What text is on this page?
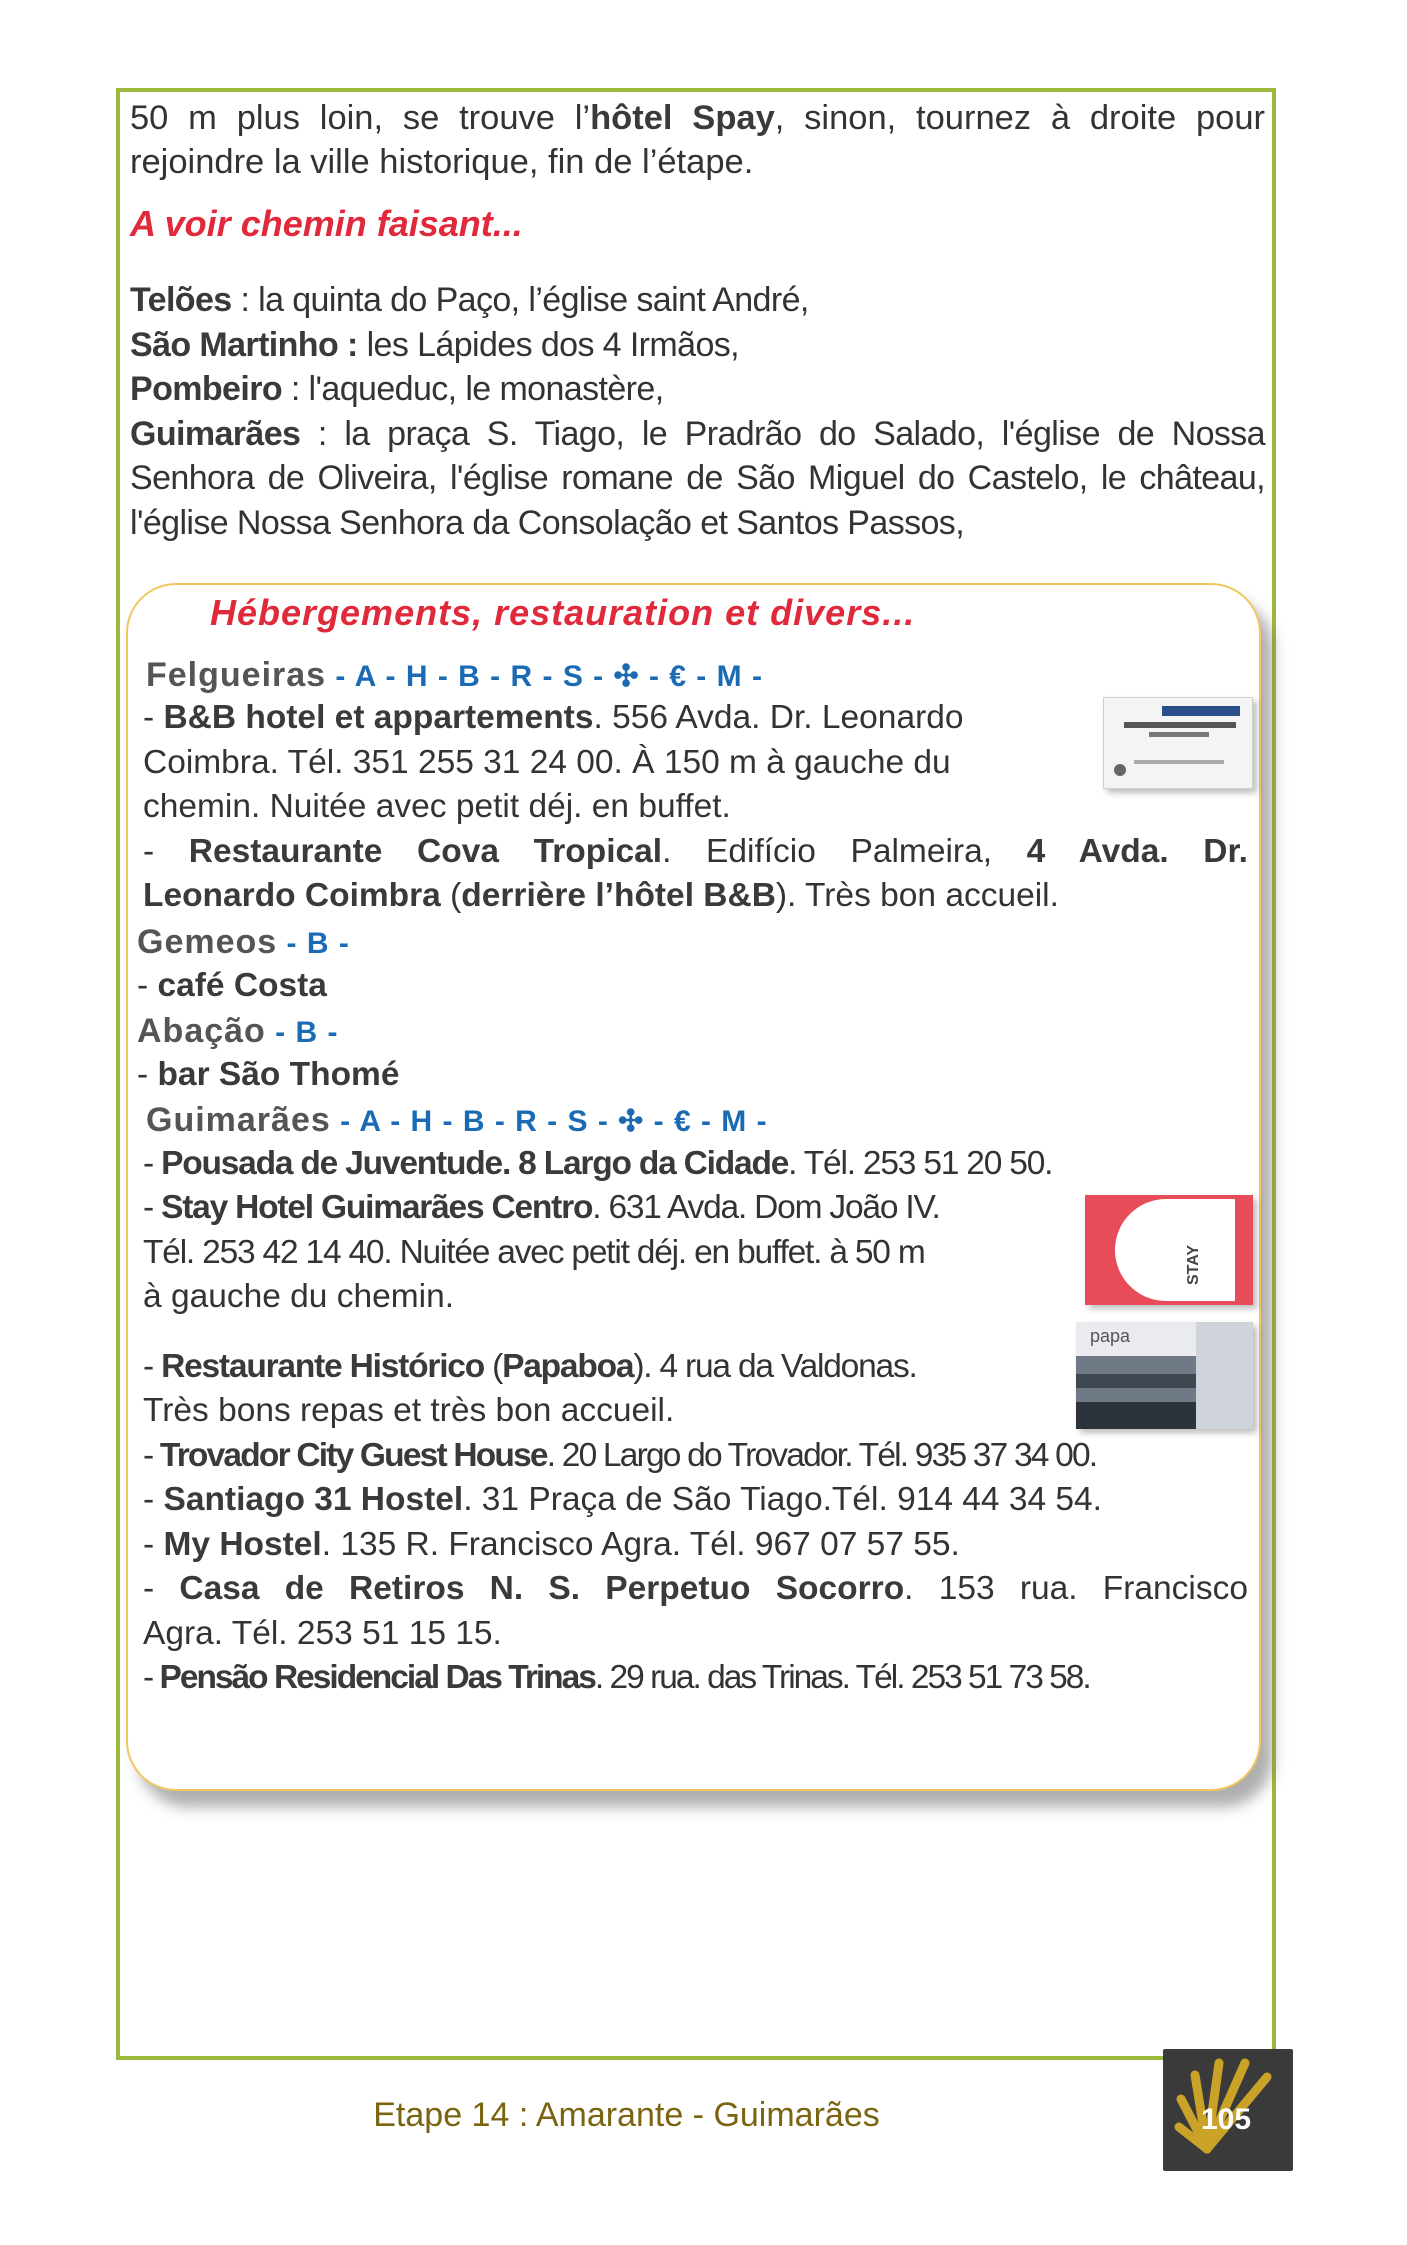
50 m plus loin, se trouve l’hôtel Spay, sinon, tournez à droite pour rejoindre la ville historique, fin de l’étape.

A voir chemin faisant...

Telões : la quinta do Paço, l’église saint André,

São Martinho : les Lápides dos 4 Irmãos,

Pombeiro : l'aqueduc, le monastère,

Guimarães : la praça S. Tiago, le Pradrão do Salado, l'église de Nossa Senhora de Oliveira, l'église romane de São Miguel do Castelo, le château, l'église Nossa Senhora da Consolação et Santos Passos,

Hébergements, restauration et divers...
Felgueiras - A - H - B - R - S - ✣ - € - M -
- B&B hotel et appartements. 556 Avda. Dr. Leonardo
Coimbra. Tél. 351 255 31 24 00. À 150 m à gauche du
chemin. Nuitée avec petit déj. en buffet.
- Restaurante Cova Tropical. Edifício Palmeira, 4 Avda. Dr.
Leonardo Coimbra (derrière l’hôtel B&B). Très bon accueil.
Gemeos - B -
- café Costa
Abação - B -
- bar São Thomé
Guimarães - A - H - B - R - S - ✣ - € - M -
- Pousada de Juventude. 8 Largo da Cidade. Tél. 253 51 20 50.
- Stay Hotel Guimarães Centro. 631 Avda. Dom João IV.
Tél. 253 42 14 40. Nuitée avec petit déj. en buffet. à 50 m
à gauche du chemin.
- Restaurante Histórico (Papaboa). 4 rua da Valdonas.
Très bons repas et très bon accueil.
- Trovador City Guest House. 20 Largo do Trovador. Tél. 935 37 34 00.
- Santiago 31 Hostel. 31 Praça de São Tiago.Tél. 914 44 34 54.
- My Hostel. 135 R. Francisco Agra. Tél. 967 07 57 55.
- Casa de Retiros N. S. Perpetuo Socorro. 153 rua. Francisco
Agra. Tél. 253 51 15 15.
- Pensão Residencial Das Trinas. 29 rua. das Trinas. Tél. 253 51 73 58.
STAY
papa
Etape 14 : Amarante - Guimarães	105
